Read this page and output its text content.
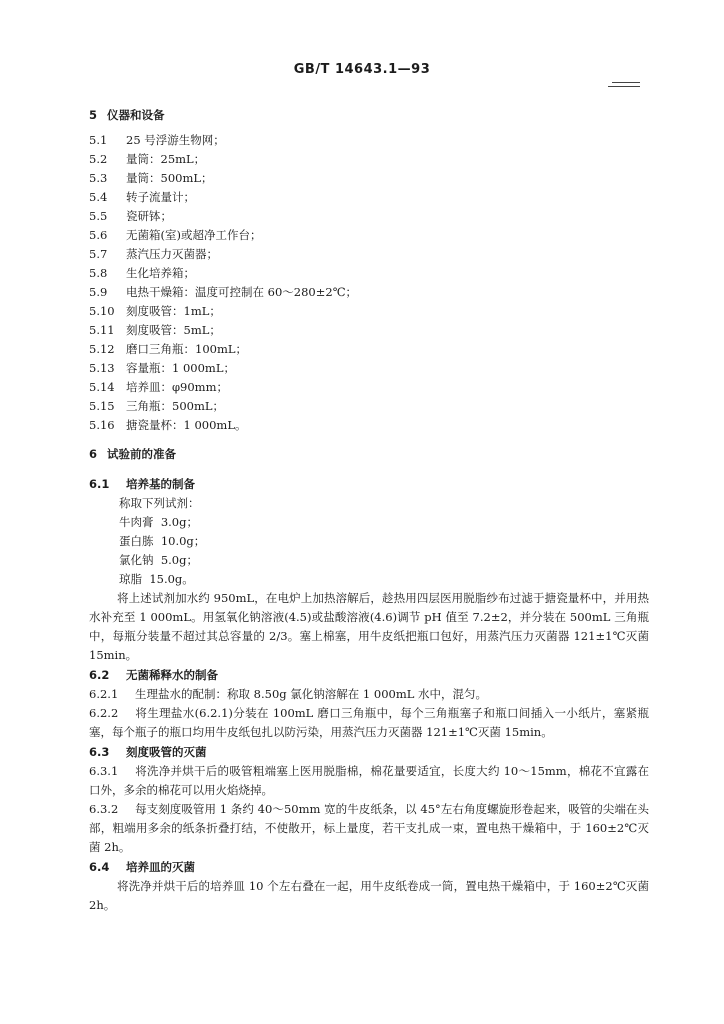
GB/T 14643.1—93
5 仪器和设备
5.1 25 号浮游生物网；
5.2 量筒：25mL；
5.3 量筒：500mL；
5.4 转子流量计；
5.5 瓷研钵；
5.6 无菌箱(室)或超净工作台；
5.7 蒸汽压力灭菌器；
5.8 生化培养箱；
5.9 电热干燥箱：温度可控制在 60～280±2℃；
5.10 刻度吸管：1mL；
5.11 刻度吸管：5mL；
5.12 磨口三角瓶：100mL；
5.13 容量瓶：1 000mL；
5.14 培养皿：φ90mm；
5.15 三角瓶：500mL；
5.16 搪瓷量杯：1 000mL。
6 试验前的准备
6.1 培养基的制备
称取下列试剂：
牛肉膏 3.0g；
蛋白胨 10.0g；
氯化钠 5.0g；
琼脂 15.0g。

将上述试剂加水约 950mL，在电炉上加热溶解后，趁热用四层医用脱脂纱布过滤于搪瓷量杯中，并用热水补充至 1 000mL。用氢氧化钠溶液(4.5)或盐酸溶液(4.6)调节 pH 值至 7.2±2，并分装在 500mL 三角瓶中，每瓶分装量不超过其总容量的 2/3。塞上棉塞，用牛皮纸把瓶口包好，用蒸汽压力灭菌器 121±1℃灭菌 15min。

6.2 无菌稀释水的制备

6.2.1 生理盐水的配制：称取 8.50g 氯化钠溶解在 1 000mL 水中，混匀。

6.2.2 将生理盐水(6.2.1)分装在 100mL 磨口三角瓶中，每个三角瓶塞子和瓶口间插入一小纸片，塞紧瓶塞，每个瓶子的瓶口均用牛皮纸包扎以防污染，用蒸汽压力灭菌器 121±1℃灭菌 15min。

6.3 刻度吸管的灭菌

6.3.1 将洗净并烘干后的吸管粗端塞上医用脱脂棉，棉花量要适宜，长度大约 10～15mm，棉花不宜露在口外，多余的棉花可以用火焰烧掉。

6.3.2 每支刻度吸管用 1 条约 40～50mm 宽的牛皮纸条，以 45°左右角度螺旋形卷起来，吸管的尖端在头部，粗端用多余的纸条折叠打结，不使散开，标上量度，若干支扎成一束，置电热干燥箱中，于 160±2℃灭菌 2h。

6.4 培养皿的灭菌

将洗净并烘干后的培养皿 10 个左右叠在一起，用牛皮纸卷成一筒，置电热干燥箱中，于 160±2℃灭菌 2h。
